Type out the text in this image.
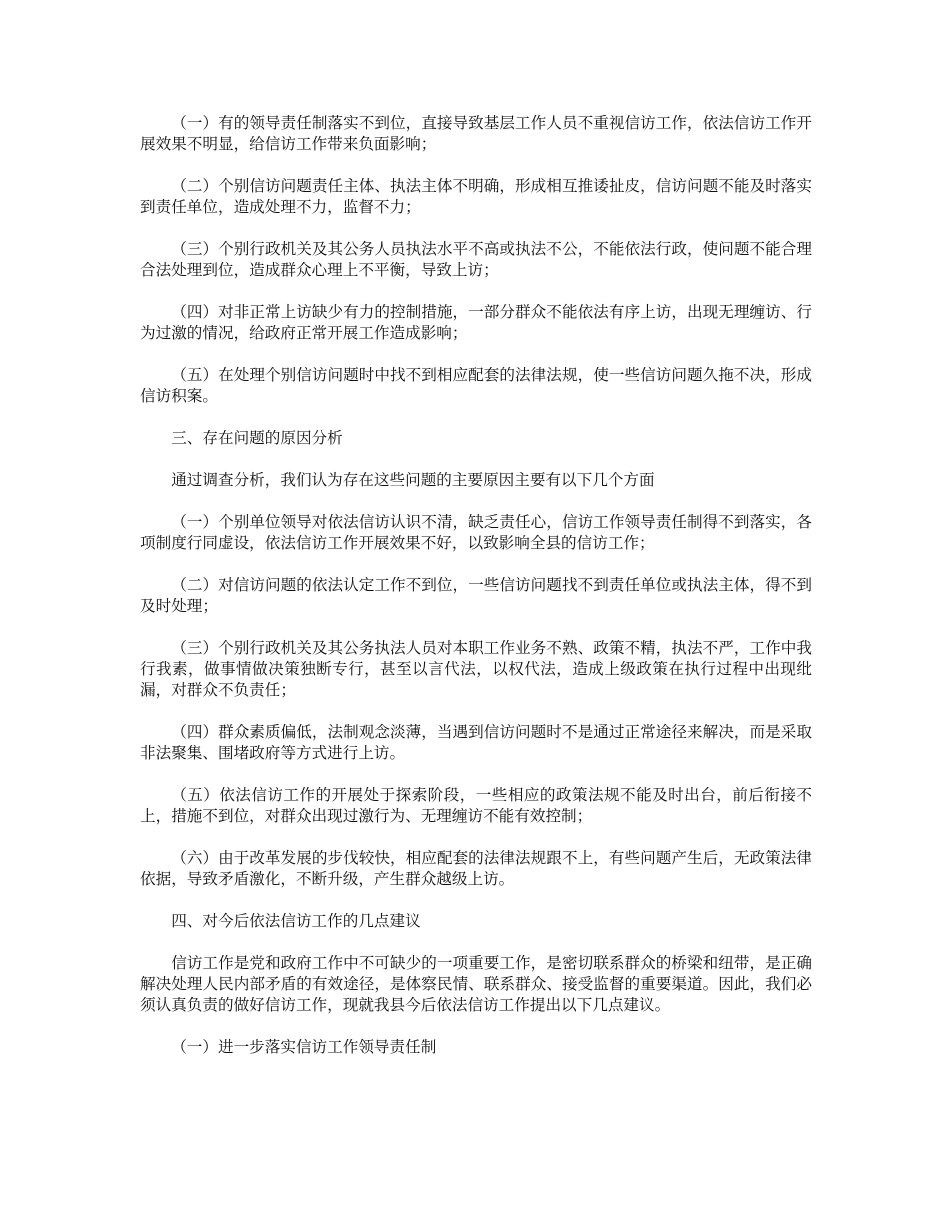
（一）有的领导责任制落实不到位，直接导致基层工作人员不重视信访工作，依法信访工作开展效果不明显，给信访工作带来负面影响；

（二）个别信访问题责任主体、执法主体不明确，形成相互推诿扯皮，信访问题不能及时落实到责任单位，造成处理不力，监督不力；

（三）个别行政机关及其公务人员执法水平不高或执法不公，不能依法行政，使问题不能合理合法处理到位，造成群众心理上不平衡，导致上访；

（四）对非正常上访缺少有力的控制措施，一部分群众不能依法有序上访，出现无理缠访、行为过激的情况，给政府正常开展工作造成影响；

（五）在处理个别信访问题时中找不到相应配套的法律法规，使一些信访问题久拖不决，形成信访积案。

三、存在问题的原因分析

通过调查分析，我们认为存在这些问题的主要原因主要有以下几个方面

（一）个别单位领导对依法信访认识不清，缺乏责任心，信访工作领导责任制得不到落实，各项制度行同虚设，依法信访工作开展效果不好，以致影响全县的信访工作；

（二）对信访问题的依法认定工作不到位，一些信访问题找不到责任单位或执法主体，得不到及时处理；

（三）个别行政机关及其公务执法人员对本职工作业务不熟、政策不精，执法不严，工作中我行我素，做事情做决策独断专行，甚至以言代法，以权代法，造成上级政策在执行过程中出现纰漏，对群众不负责任；

（四）群众素质偏低，法制观念淡薄，当遇到信访问题时不是通过正常途径来解决，而是采取非法聚集、围堵政府等方式进行上访。

（五）依法信访工作的开展处于探索阶段，一些相应的政策法规不能及时出台，前后衔接不上，措施不到位，对群众出现过激行为、无理缠访不能有效控制；

（六）由于改革发展的步伐较快，相应配套的法律法规跟不上，有些问题产生后，无政策法律依据，导致矛盾激化，不断升级，产生群众越级上访。

四、对今后依法信访工作的几点建议

信访工作是党和政府工作中不可缺少的一项重要工作，是密切联系群众的桥梁和纽带，是正确解决处理人民内部矛盾的有效途径，是体察民情、联系群众、接受监督的重要渠道。因此，我们必须认真负责的做好信访工作，现就我县今后依法信访工作提出以下几点建议。

（一）进一步落实信访工作领导责任制
